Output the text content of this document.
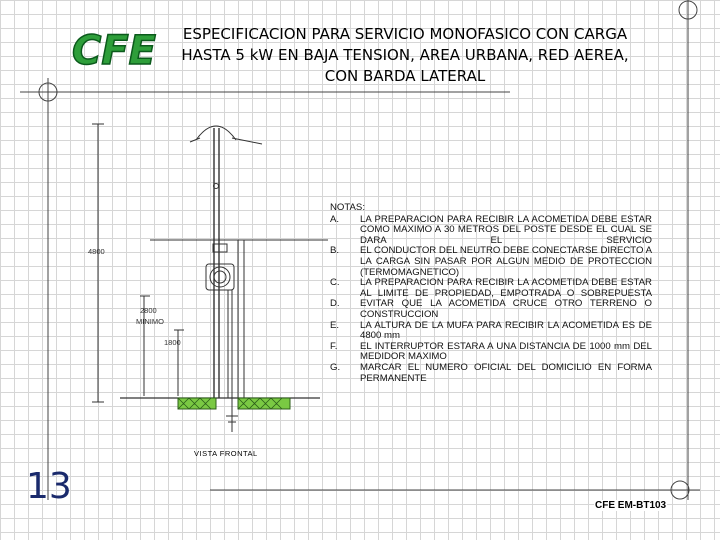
CFE	ESPECIFICACION PARA SERVICIO MONOFASICO CON CARGA
HASTA 5 kW EN BAJA TENSION, AREA URBANA, RED AEREA,
CON BARDA LATERAL
4800
2800
MINIMO
1800
VISTA FRONTAL
NOTAS:
A.	LA PREPARACION PARA RECIBIR LA ACOMETIDA DEBE ESTAR COMO MAXIMO A 30 METROS DEL POSTE DESDE EL CUAL SE DARA EL SERVICIO
B.	EL CONDUCTOR DEL NEUTRO DEBE CONECTARSE DIRECTO A LA CARGA SIN PASAR POR ALGUN MEDIO DE PROTECCION (TERMOMAGNETICO)
C.	LA PREPARACION PARA RECIBIR LA ACOMETIDA DEBE ESTAR AL LIMITE DE PROPIEDAD, EMPOTRADA O SOBREPUESTA
D.	EVITAR QUE LA ACOMETIDA CRUCE OTRO TERRENO O CONSTRUCCION
E.	LA ALTURA DE LA MUFA PARA RECIBIR LA ACOMETIDA ES DE 4800 mm
F.	EL INTERRUPTOR ESTARA A UNA DISTANCIA DE 1000 mm DEL MEDIDOR MAXIMO
G.	MARCAR EL NUMERO OFICIAL DEL DOMICILIO EN FORMA PERMANENTE
13	CFE EM-BT103
